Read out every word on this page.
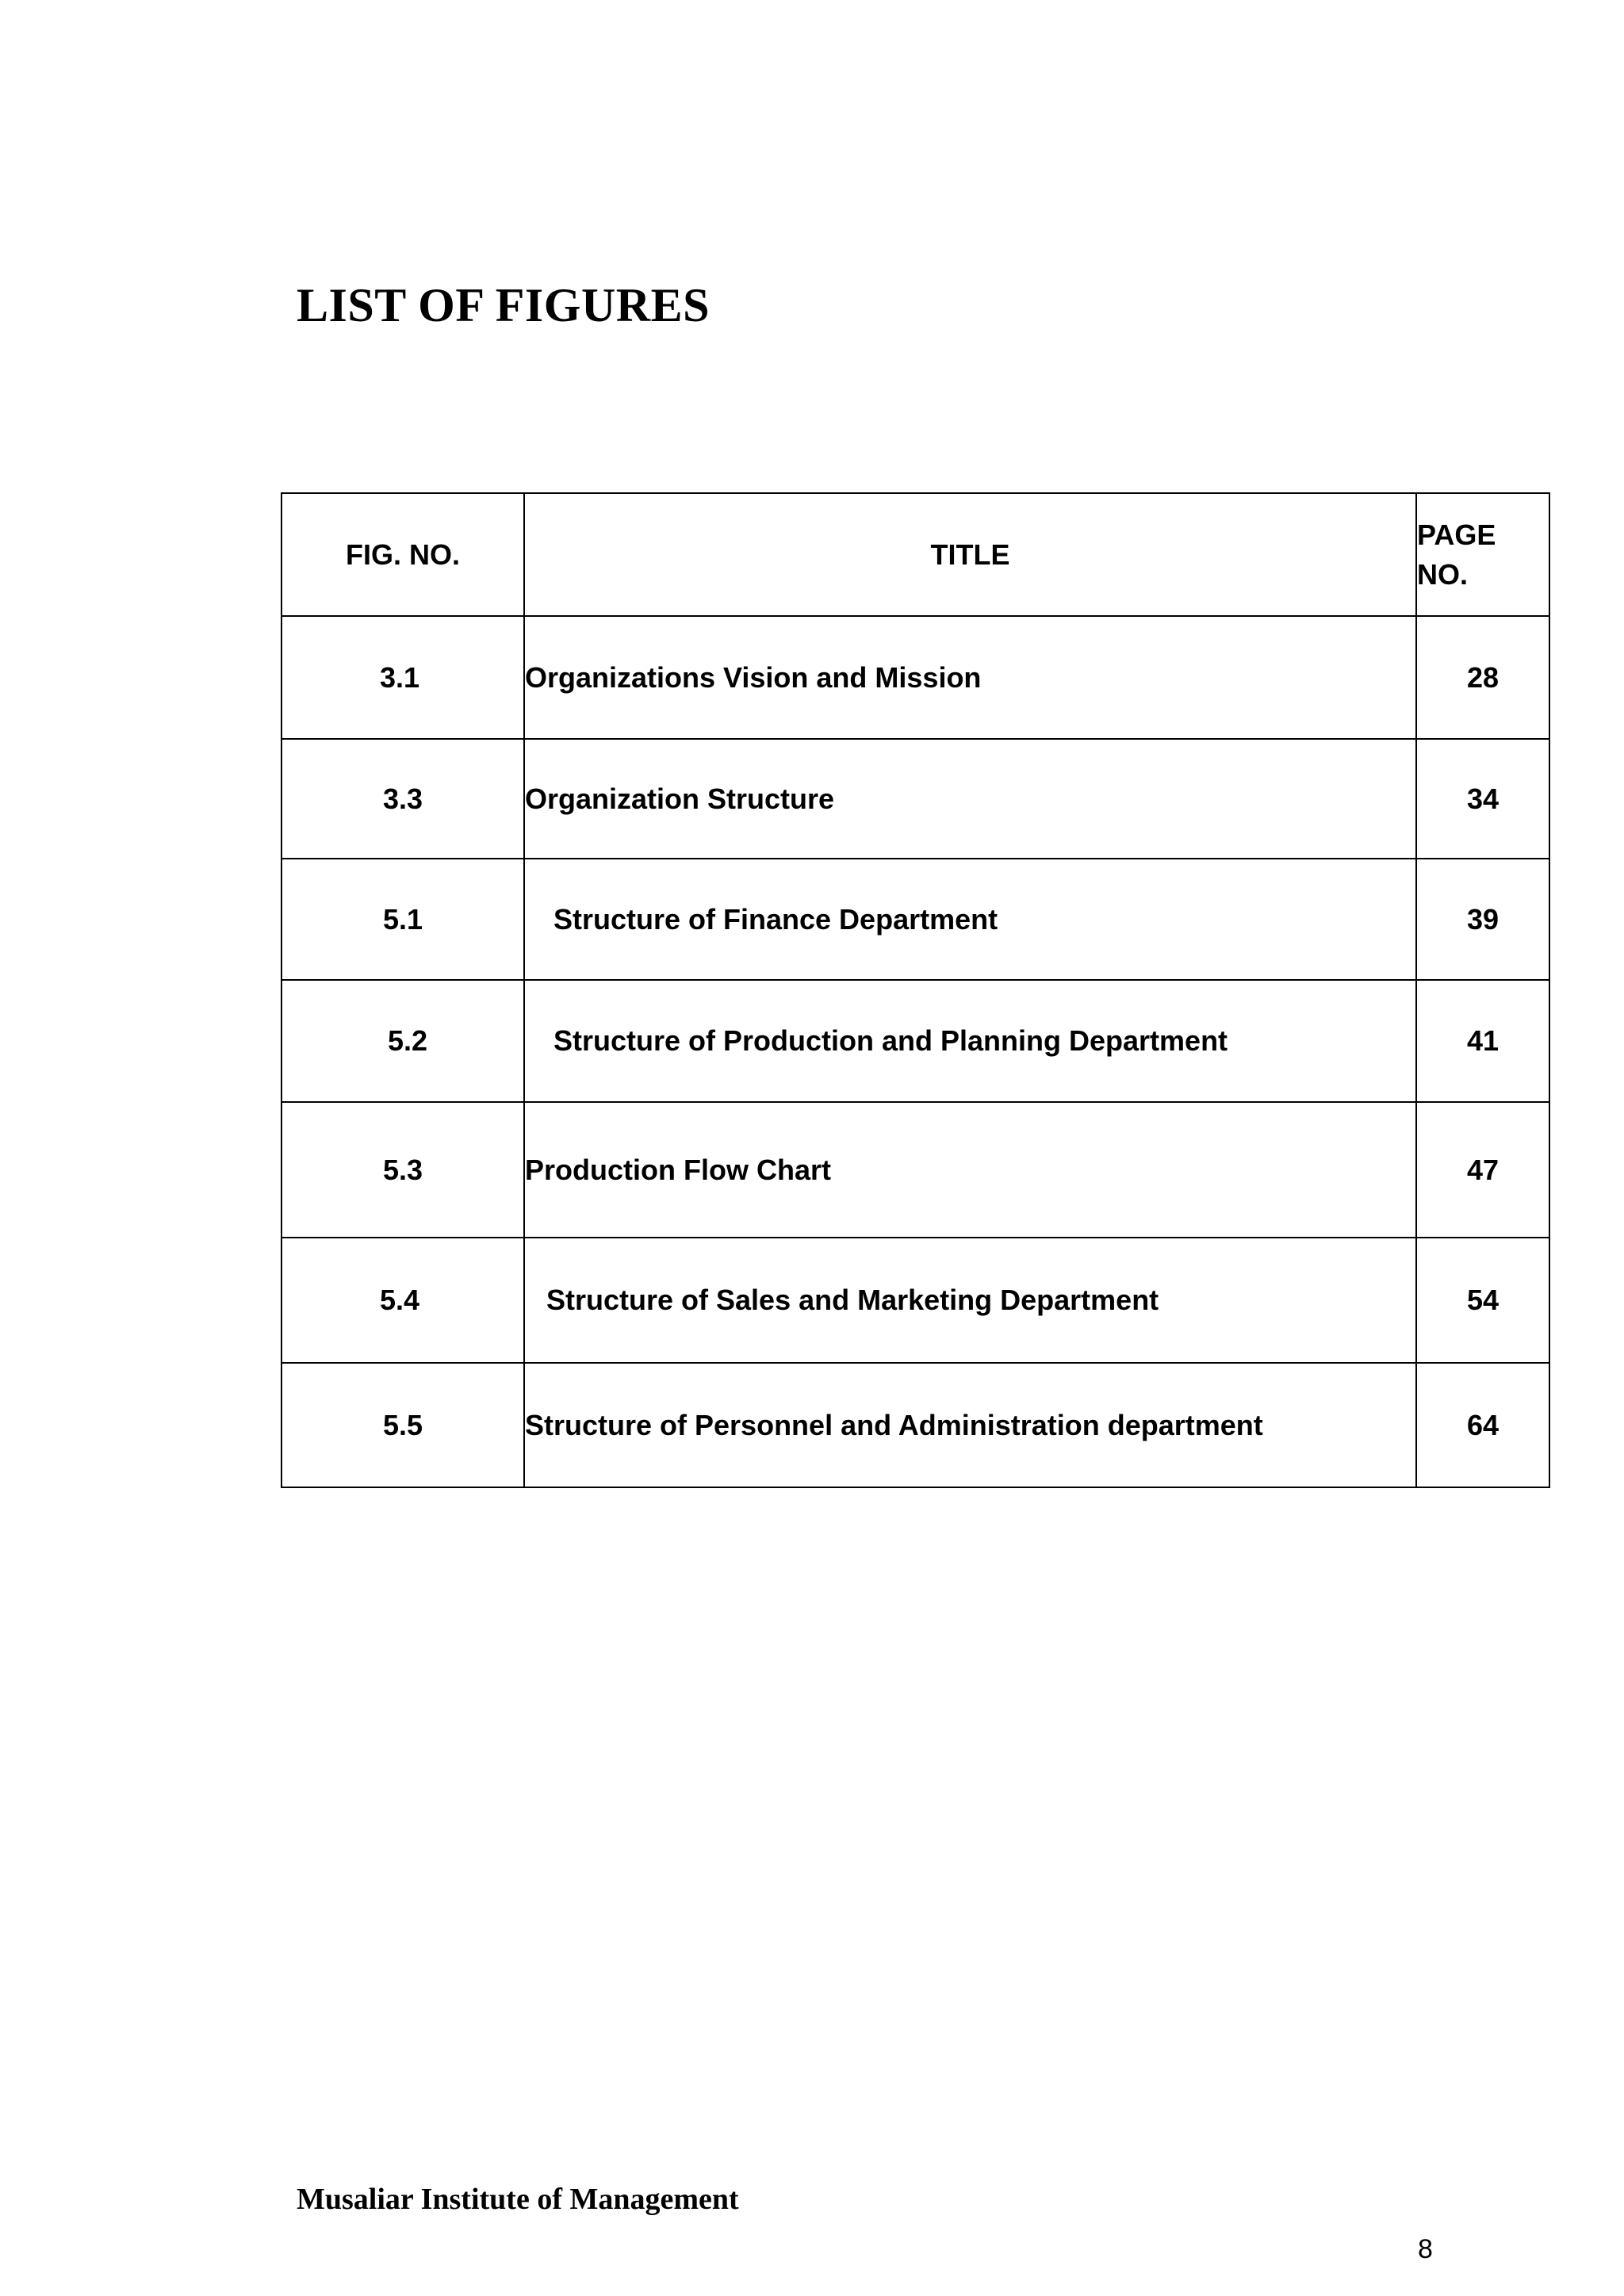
LIST OF FIGURES
FIG. NO.	TITLE	PAGE
NO.
3.1	Organizations Vision and Mission	28
3.3	Organization Structure	34
5.1	Structure of Finance Department	39
5.2	Structure of Production and Planning Department	41
5.3	Production Flow Chart	47
5.4	Structure of Sales and Marketing Department	54
5.5	Structure of Personnel and Administration department	64

Musaliar Institute of Management

8
